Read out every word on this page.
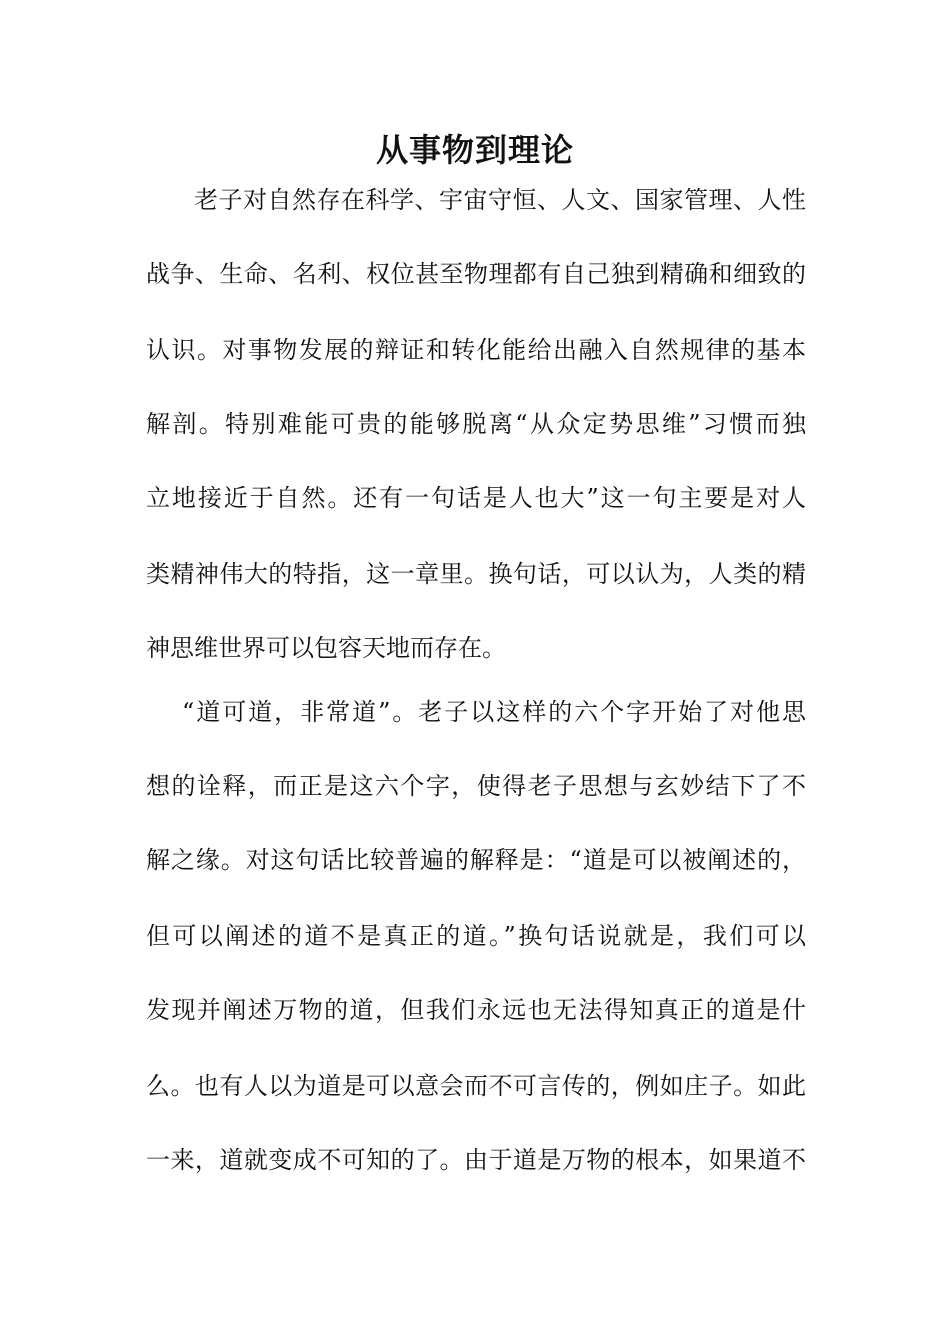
从事物到理论

老子对自然存在科学、宇宙守恒、人文、国家管理、人性

战争、生命、名利、权位甚至物理都有自己独到精确和细致的

认识。对事物发展的辩证和转化能给出融入自然规律的基本

解剖。特别难能可贵的能够脱离“从众定势思维”习惯而独

立地接近于自然。还有一句话是人也大”这一句主要是对人

类精神伟大的特指，这一章里。换句话，可以认为，人类的精

神思维世界可以包容天地而存在。

“道可道，非常道”。老子以这样的六个字开始了对他思

想的诠释，而正是这六个字，使得老子思想与玄妙结下了不

解之缘。对这句话比较普遍的解释是：“道是可以被阐述的，

但可以阐述的道不是真正的道。”换句话说就是，我们可以

发现并阐述万物的道，但我们永远也无法得知真正的道是什

么。也有人以为道是可以意会而不可言传的，例如庄子。如此

一来，道就变成不可知的了。由于道是万物的根本，如果道不
